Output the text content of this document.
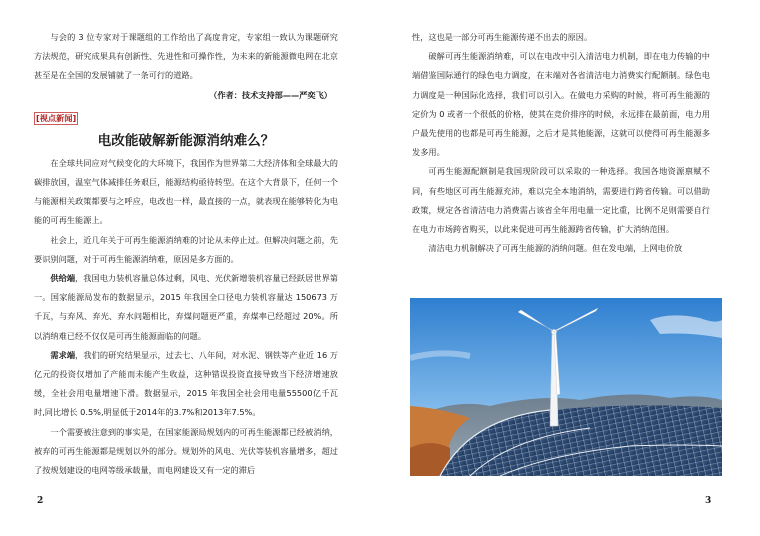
与会的 3 位专家对于课题组的工作给出了高度肯定，专家组一致认为课题研究方法规范，研究成果具有创新性、先进性和可操作性，为未来的新能源微电网在北京甚至是在全国的发展铺就了一条可行的道路。

（作者：技术支持部——严奕飞）

[视点新闻]

电改能破解新能源消纳难么？

在全球共同应对气候变化的大环境下，我国作为世界第二大经济体和全球最大的碳排放国，温室气体减排任务艰巨，能源结构亟待转型。在这个大背景下，任何一个与能源相关政策都要与之呼应，电改也一样，最直接的一点，就表现在能够转化为电能的可再生能源上。

社会上，近几年关于可再生能源消纳难的讨论从未停止过。但解决问题之前，先要识别问题，对于可再生能源消纳难，原因是多方面的。

供给端，我国电力装机容量总体过剩，风电、光伏新增装机容量已经跃居世界第一。国家能源局发布的数据显示，2015 年我国全口径电力装机容量达 150673 万千瓦，与弃风、弃光、弃水问题相比，弃煤问题更严重，弃煤率已经超过 20%。所以消纳难已经不仅仅是可再生能源面临的问题。

需求端，我们的研究结果显示，过去七、八年间，对水泥、钢铁等产业近 16 万亿元的投资仅增加了产能而未能产生收益，这种错误投资直接导致当下经济增速放缓，全社会用电量增速下滑。数据显示，2015 年我国全社会用电量55500亿千瓦时,同比增长 0.5%,明显低于2014年的3.7%和2013年7.5%。

一个需要被注意到的事实是，在国家能源局规划内的可再生能源都已经被消纳，被弃的可再生能源都是规划以外的部分。规划外的风电、光伏等装机容量增多，超过了按规划建设的电网等级承载量，而电网建设又有一定的滞后

2

性，这也是一部分可再生能源传递不出去的原因。

破解可再生能源消纳难，可以在电改中引入清洁电力机制，即在电力传输的中端借鉴国际通行的绿色电力调度，在末端对各省清洁电力消费实行配额制。绿色电力调度是一种国际化选择，我们可以引入。在做电力采购的时候，将可再生能源的定价为 0 或者一个很低的价格，使其在竞价排序的时候，永远排在最前面，电力用户最先使用的也都是可再生能源，之后才是其他能源，这就可以使得可再生能源多发多用。

可再生能源配额制是我国现阶段可以采取的一种选择。我国各地资源禀赋不同，有些地区可再生能源充沛，难以完全本地消纳，需要进行跨省传输。可以借助政策，规定各省清洁电力消费需占该省全年用电量一定比重，比例不足则需要自行在电力市场跨省购买，以此来促进可再生能源跨省传输，扩大消纳范围。

清洁电力机制解决了可再生能源的消纳问题。但在发电端，上网电价放

3
